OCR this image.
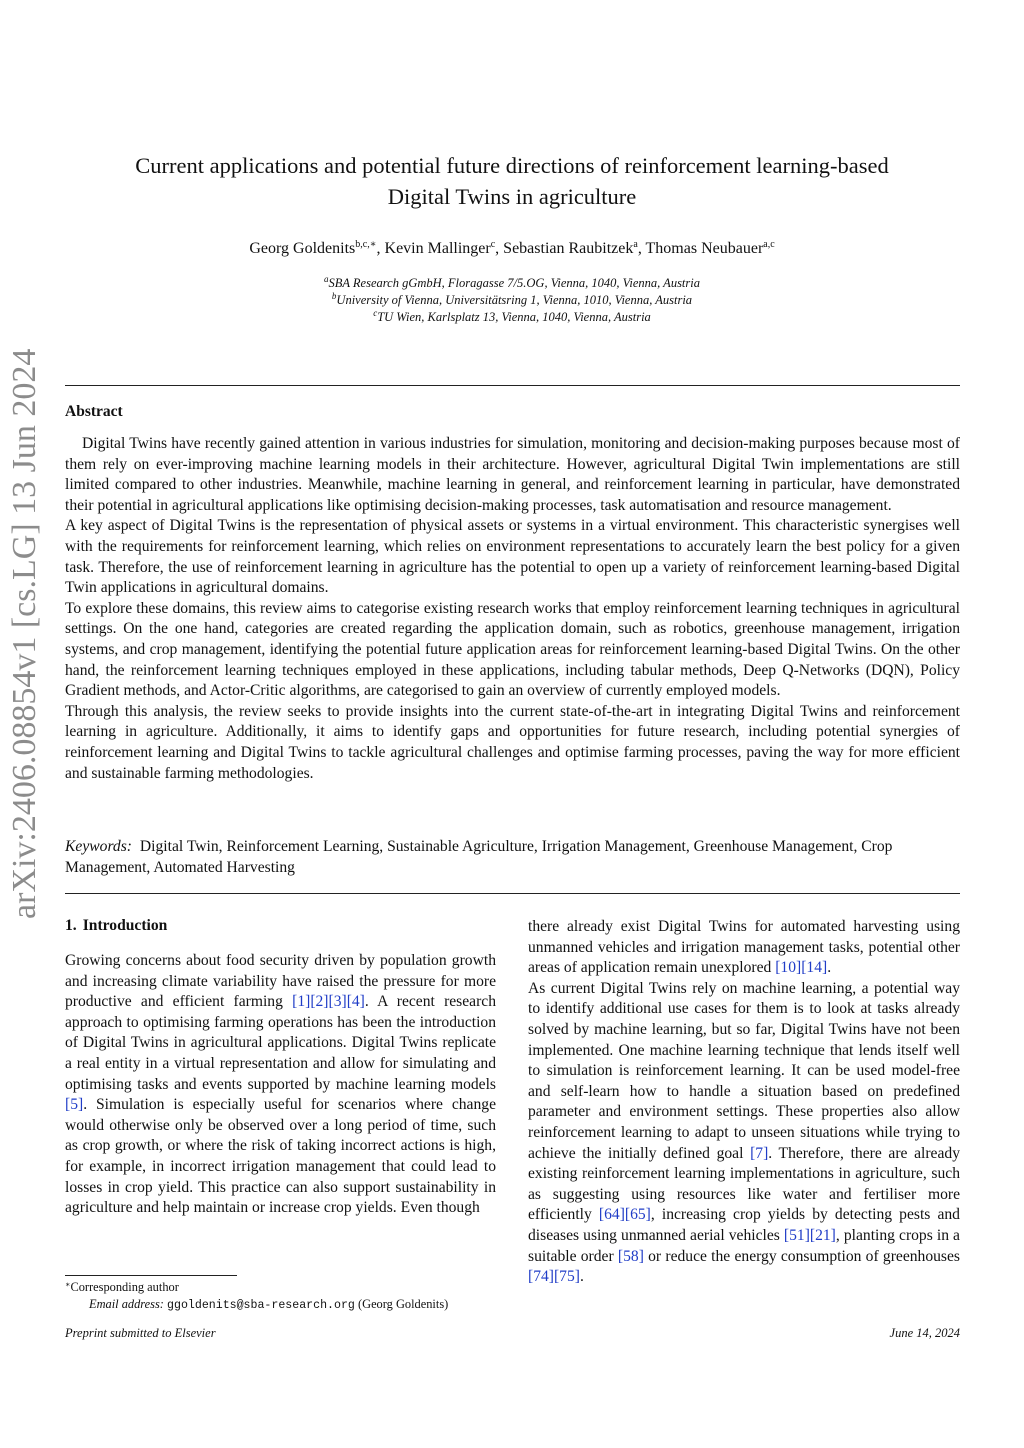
arXiv:2406.08854v1 [cs.LG] 13 Jun 2024
Current applications and potential future directions of reinforcement learning-based
Digital Twins in agriculture
Georg Goldenits$^{b,c,∗}$, Kevin Mallinger$^c$, Sebastian Raubitzek$^a$, Thomas Neubauer$^{a,c}$
$^a$SBA Research gGmbH, Floragasse 7/5.OG, Vienna, 1040, Vienna, Austria
$^b$University of Vienna, Universitätsring 1, Vienna, 1010, Vienna, Austria
$^c$TU Wien, Karlsplatz 13, Vienna, 1040, Vienna, Austria
Abstract

Digital Twins have recently gained attention in various industries for simulation, monitoring and decision-making purposes because most of them rely on ever-improving machine learning models in their architecture. However, agricultural Digital Twin implementations are still limited compared to other industries. Meanwhile, machine learning in general, and reinforcement learning in particular, have demonstrated their potential in agricultural applications like optimising decision-making processes, task automatisation and resource management.

A key aspect of Digital Twins is the representation of physical assets or systems in a virtual environment. This characteristic synergises well with the requirements for reinforcement learning, which relies on environment representations to accurately learn the best policy for a given task. Therefore, the use of reinforcement learning in agriculture has the potential to open up a variety of reinforcement learning-based Digital Twin applications in agricultural domains.

To explore these domains, this review aims to categorise existing research works that employ reinforcement learning techniques in agricultural settings. On the one hand, categories are created regarding the application domain, such as robotics, greenhouse management, irrigation systems, and crop management, identifying the potential future application areas for reinforcement learning-based Digital Twins. On the other hand, the reinforcement learning techniques employed in these applications, including tabular methods, Deep Q-Networks (DQN), Policy Gradient methods, and Actor-Critic algorithms, are categorised to gain an overview of currently employed models.

Through this analysis, the review seeks to provide insights into the current state-of-the-art in integrating Digital Twins and reinforcement learning in agriculture. Additionally, it aims to identify gaps and opportunities for future research, including potential synergies of reinforcement learning and Digital Twins to tackle agricultural challenges and optimise farming processes, paving the way for more efficient and sustainable farming methodologies.

Keywords: Digital Twin, Reinforcement Learning, Sustainable Agriculture, Irrigation Management, Greenhouse Management, Crop Management, Automated Harvesting
1. Introduction

Growing concerns about food security driven by population growth and increasing climate variability have raised the pressure for more productive and efficient farming [1][2][3][4]. A recent research approach to optimising farming operations has been the introduction of Digital Twins in agricultural applications. Digital Twins replicate a real entity in a virtual representation and allow for simulating and optimising tasks and events supported by machine learning models [5]. Simulation is especially useful for scenarios where change would otherwise only be observed over a long period of time, such as crop growth, or where the risk of taking incorrect actions is high, for example, in incorrect irrigation management that could lead to losses in crop yield. This practice can also support sustainability in agriculture and help maintain or increase crop yields. Even though

there already exist Digital Twins for automated harvesting using unmanned vehicles and irrigation management tasks, potential other areas of application remain unexplored [10][14].

As current Digital Twins rely on machine learning, a potential way to identify additional use cases for them is to look at tasks already solved by machine learning, but so far, Digital Twins have not been implemented. One machine learning technique that lends itself well to simulation is reinforcement learning. It can be used model-free and self-learn how to handle a situation based on predefined parameter and environment settings. These properties also allow reinforcement learning to adapt to unseen situations while trying to achieve the initially defined goal [7]. Therefore, there are already existing reinforcement learning implementations in agriculture, such as suggesting using resources like water and fertiliser more efficiently [64][65], increasing crop yields by detecting pests and diseases using unmanned aerial vehicles [51][21], planting crops in a suitable order [58] or reduce the energy consumption of greenhouses [74][75].

∗Corresponding author
Email address: ggoldenits@sba-research.org (Georg Goldenits)
Preprint submitted to Elsevier	June 14, 2024
